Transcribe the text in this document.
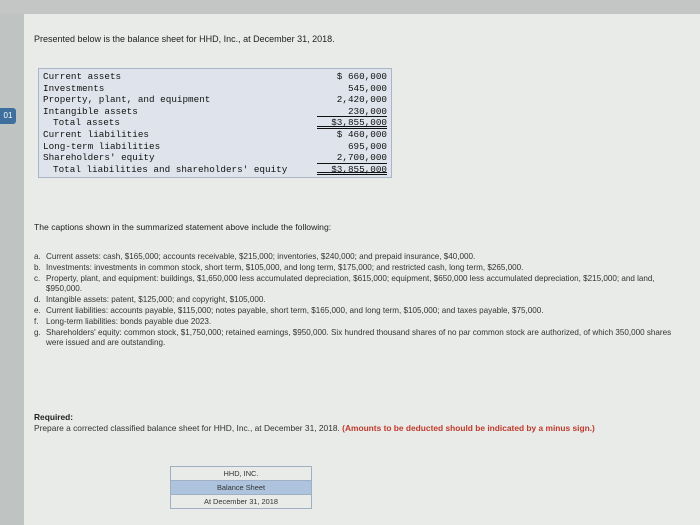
01
Presented below is the balance sheet for HHD, Inc., at December 31, 2018.
Current assets	$ 660,000
Investments	545,000
Property, plant, and equipment	2,420,000
Intangible assets	230,000
Total assets	$3,855,000
Current liabilities	$ 460,000
Long-term liabilities	695,000
Shareholders' equity	2,700,000
Total liabilities and shareholders' equity	$3,855,000
The captions shown in the summarized statement above include the following:
a. Current assets: cash, $165,000; accounts receivable, $215,000; inventories, $240,000; and prepaid insurance, $40,000.
b. Investments: investments in common stock, short term, $105,000, and long term, $175,000; and restricted cash, long term, $265,000.
c. Property, plant, and equipment: buildings, $1,650,000 less accumulated depreciation, $615,000; equipment, $650,000 less accumulated depreciation, $215,000; and land, $950,000.
d. Intangible assets: patent, $125,000; and copyright, $105,000.
e. Current liabilities: accounts payable, $115,000; notes payable, short term, $165,000, and long term, $105,000; and taxes payable, $75,000.
f. Long-term liabilities: bonds payable due 2023.
g. Shareholders' equity: common stock, $1,750,000; retained earnings, $950,000. Six hundred thousand shares of no par common stock are authorized, of which 350,000 shares were issued and are outstanding.
Required:
Prepare a corrected classified balance sheet for HHD, Inc., at December 31, 2018. (Amounts to be deducted should be indicated by a minus sign.)
HHD, INC.
Balance Sheet
At December 31, 2018
